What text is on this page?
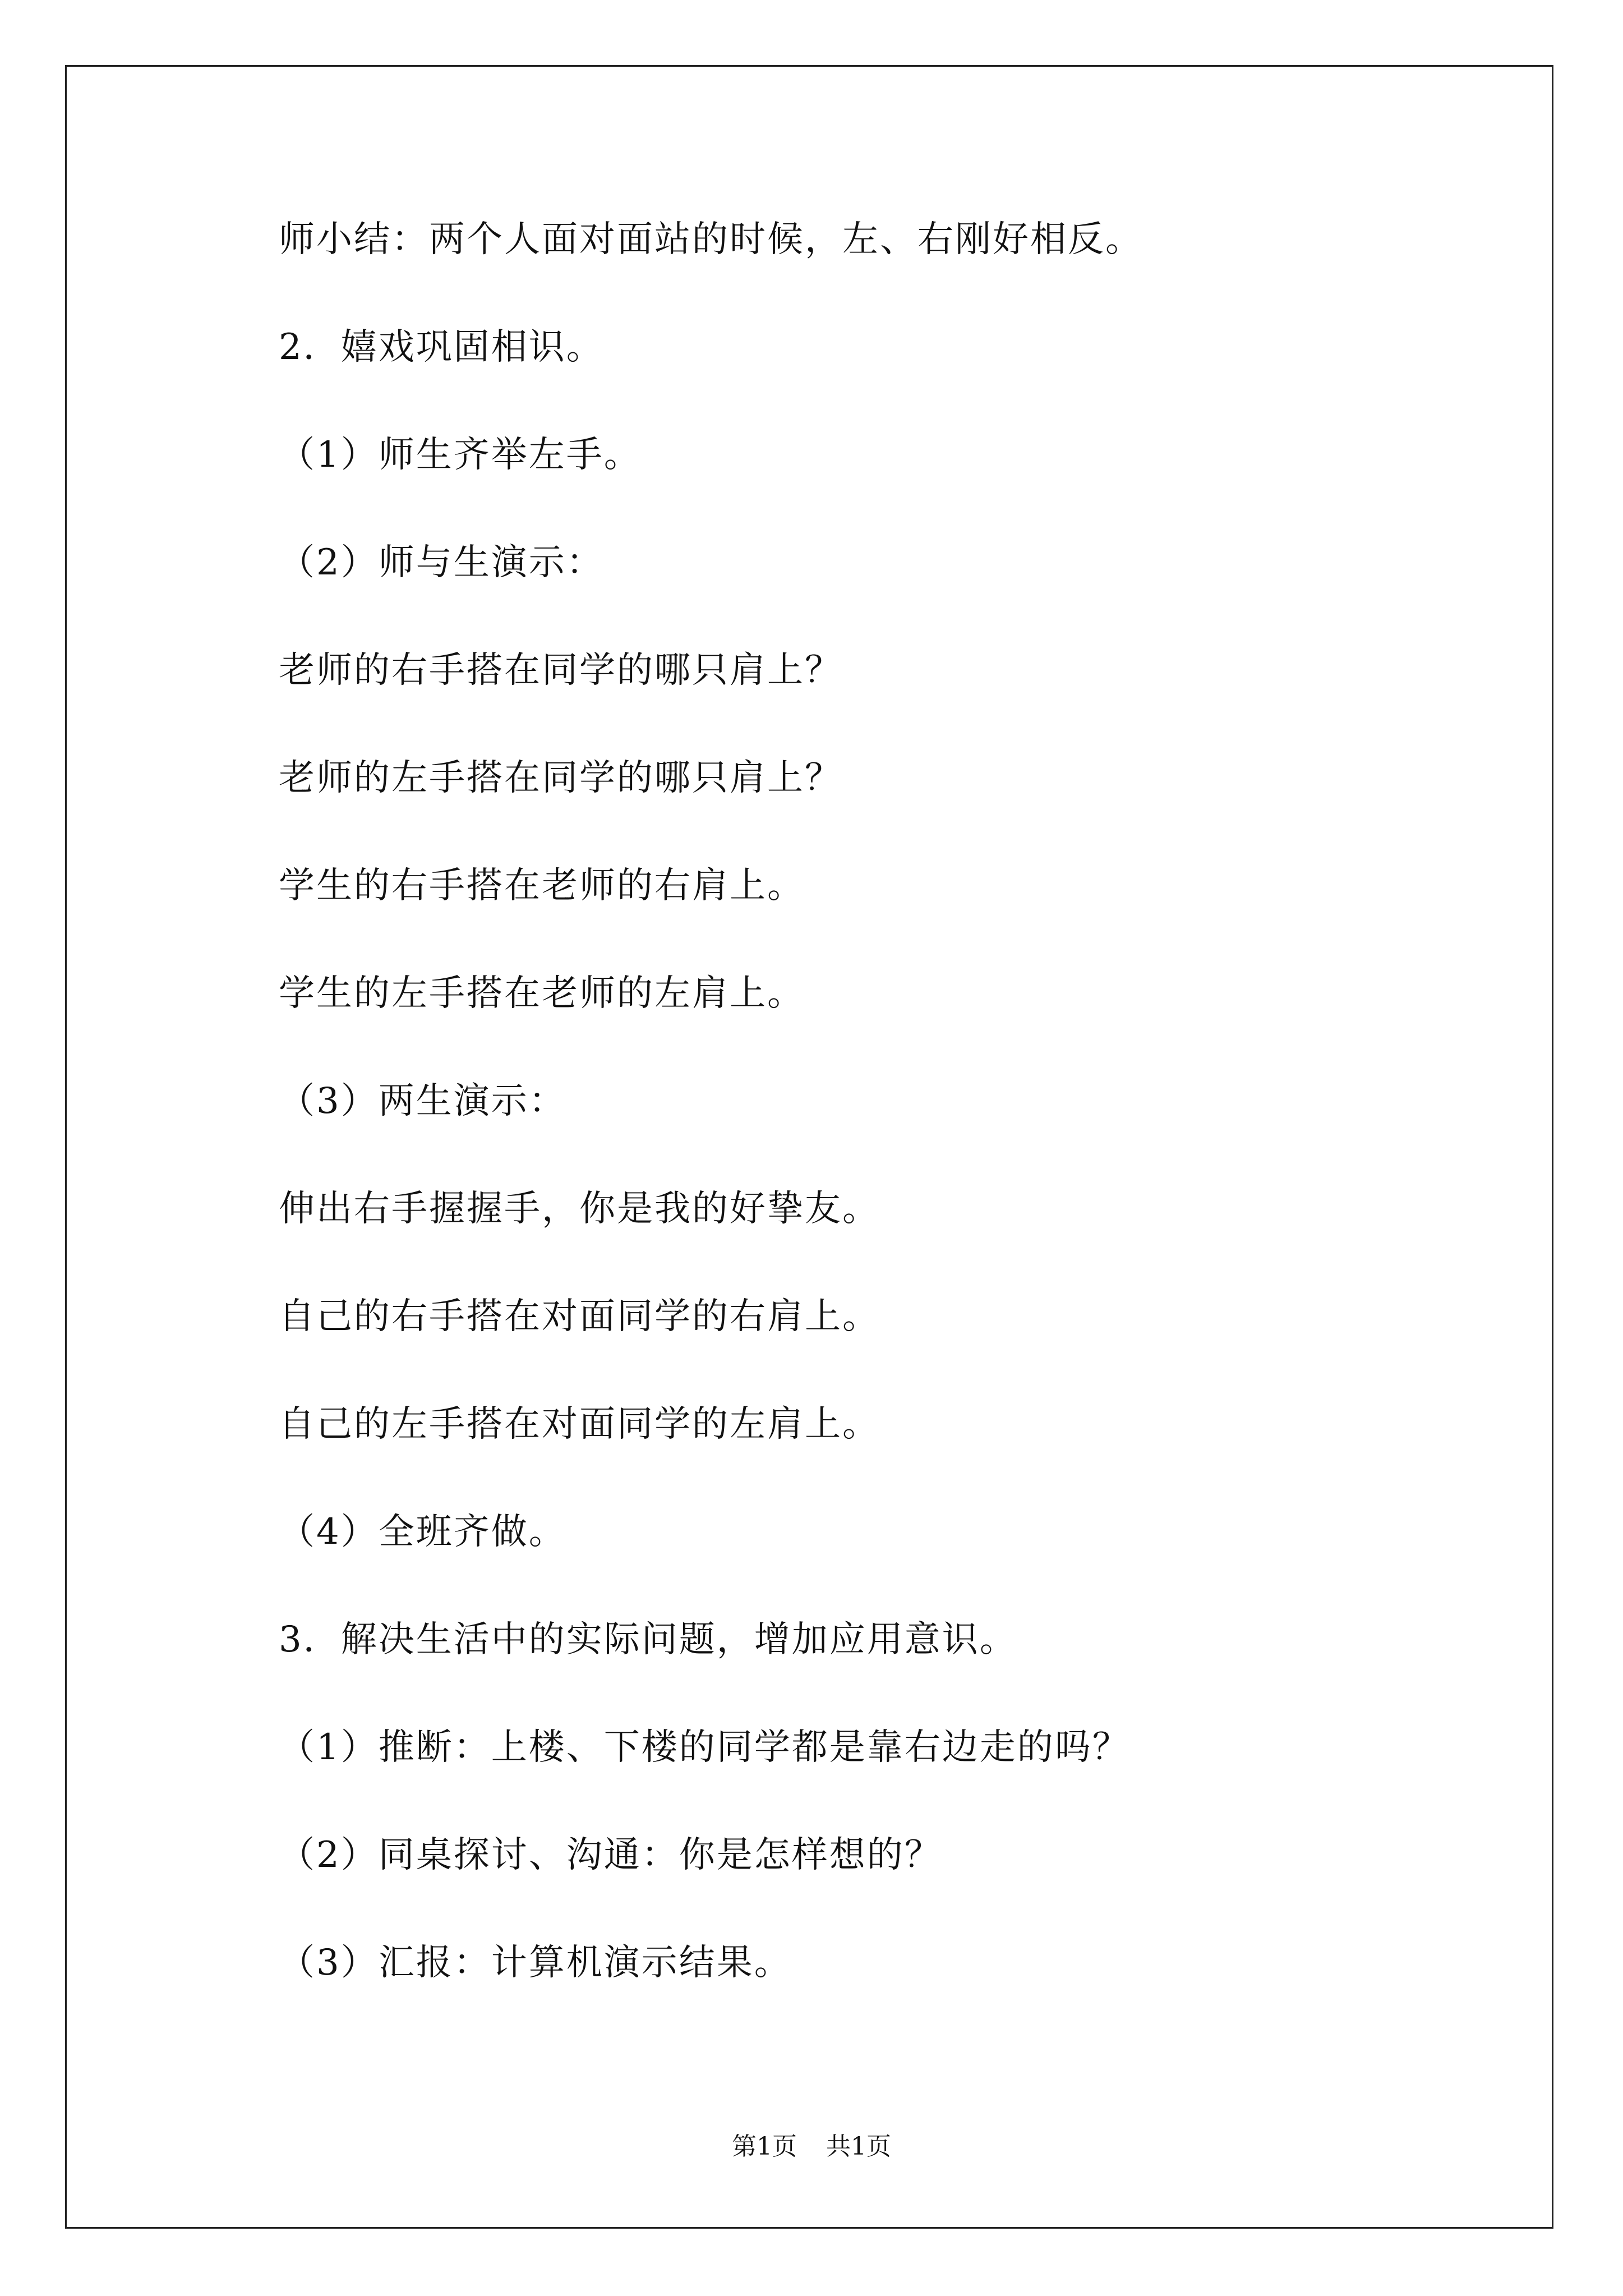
师小结：两个人面对面站的时候，左、右刚好相反。
2．嬉戏巩固相识。
（1）师生齐举左手。
（2）师与生演示：
老师的右手搭在同学的哪只肩上？
老师的左手搭在同学的哪只肩上？
学生的右手搭在老师的右肩上。
学生的左手搭在老师的左肩上。
（3）两生演示：
伸出右手握握手，你是我的好挚友。
自己的右手搭在对面同学的右肩上。
自己的左手搭在对面同学的左肩上。
（4）全班齐做。
3．解决生活中的实际问题，增加应用意识。
（1）推断：上楼、下楼的同学都是靠右边走的吗？
（2）同桌探讨、沟通：你是怎样想的？
（3）汇报：计算机演示结果。
第1页 共1页
